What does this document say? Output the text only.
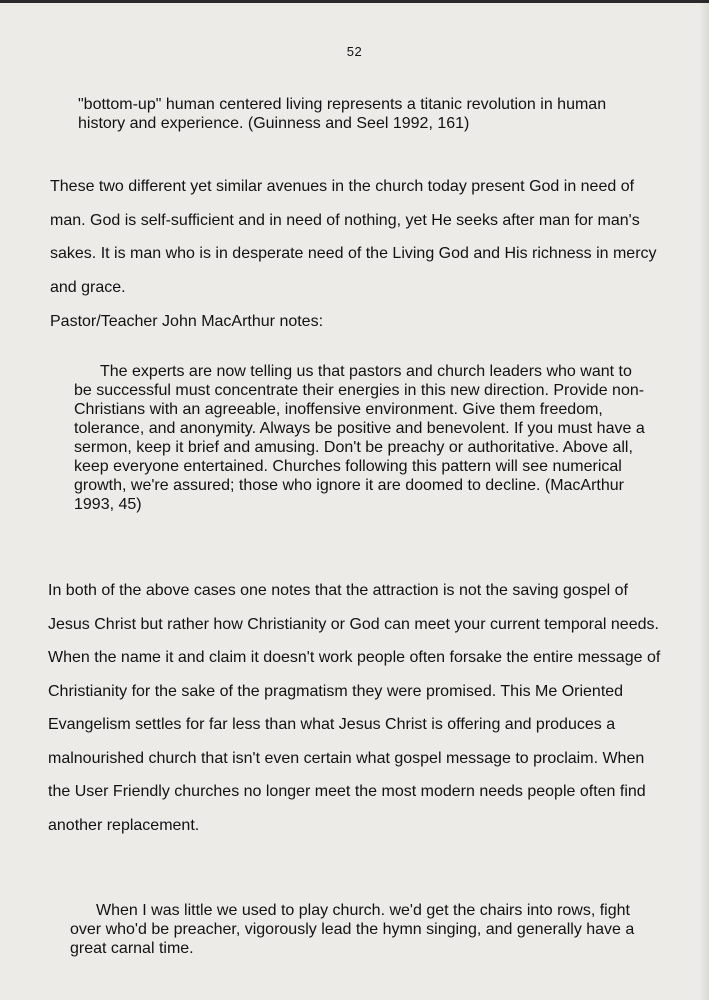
52

"bottom-up" human centered living represents a titanic revolution in human history and experience. (Guinness and Seel 1992, 161)

These two different yet similar avenues in the church today present God in need of man. God is self-sufficient and in need of nothing, yet He seeks after man for man's sakes. It is man who is in desperate need of the Living God and His richness in mercy and grace.

Pastor/Teacher John MacArthur notes:

The experts are now telling us that pastors and church leaders who want to be successful must concentrate their energies in this new direction. Provide non-Christians with an agreeable, inoffensive environment. Give them freedom, tolerance, and anonymity. Always be positive and benevolent. If you must have a sermon, keep it brief and amusing. Don't be preachy or authoritative. Above all, keep everyone entertained. Churches following this pattern will see numerical growth, we're assured; those who ignore it are doomed to decline. (MacArthur 1993, 45)

In both of the above cases one notes that the attraction is not the saving gospel of Jesus Christ but rather how Christianity or God can meet your current temporal needs. When the name it and claim it doesn't work people often forsake the entire message of Christianity for the sake of the pragmatism they were promised. This Me Oriented Evangelism settles for far less than what Jesus Christ is offering and produces a malnourished church that isn't even certain what gospel message to proclaim. When the User Friendly churches no longer meet the most modern needs people often find another replacement.

When I was little we used to play church. we'd get the chairs into rows, fight over who'd be preacher, vigorously lead the hymn singing, and generally have a great carnal time.
